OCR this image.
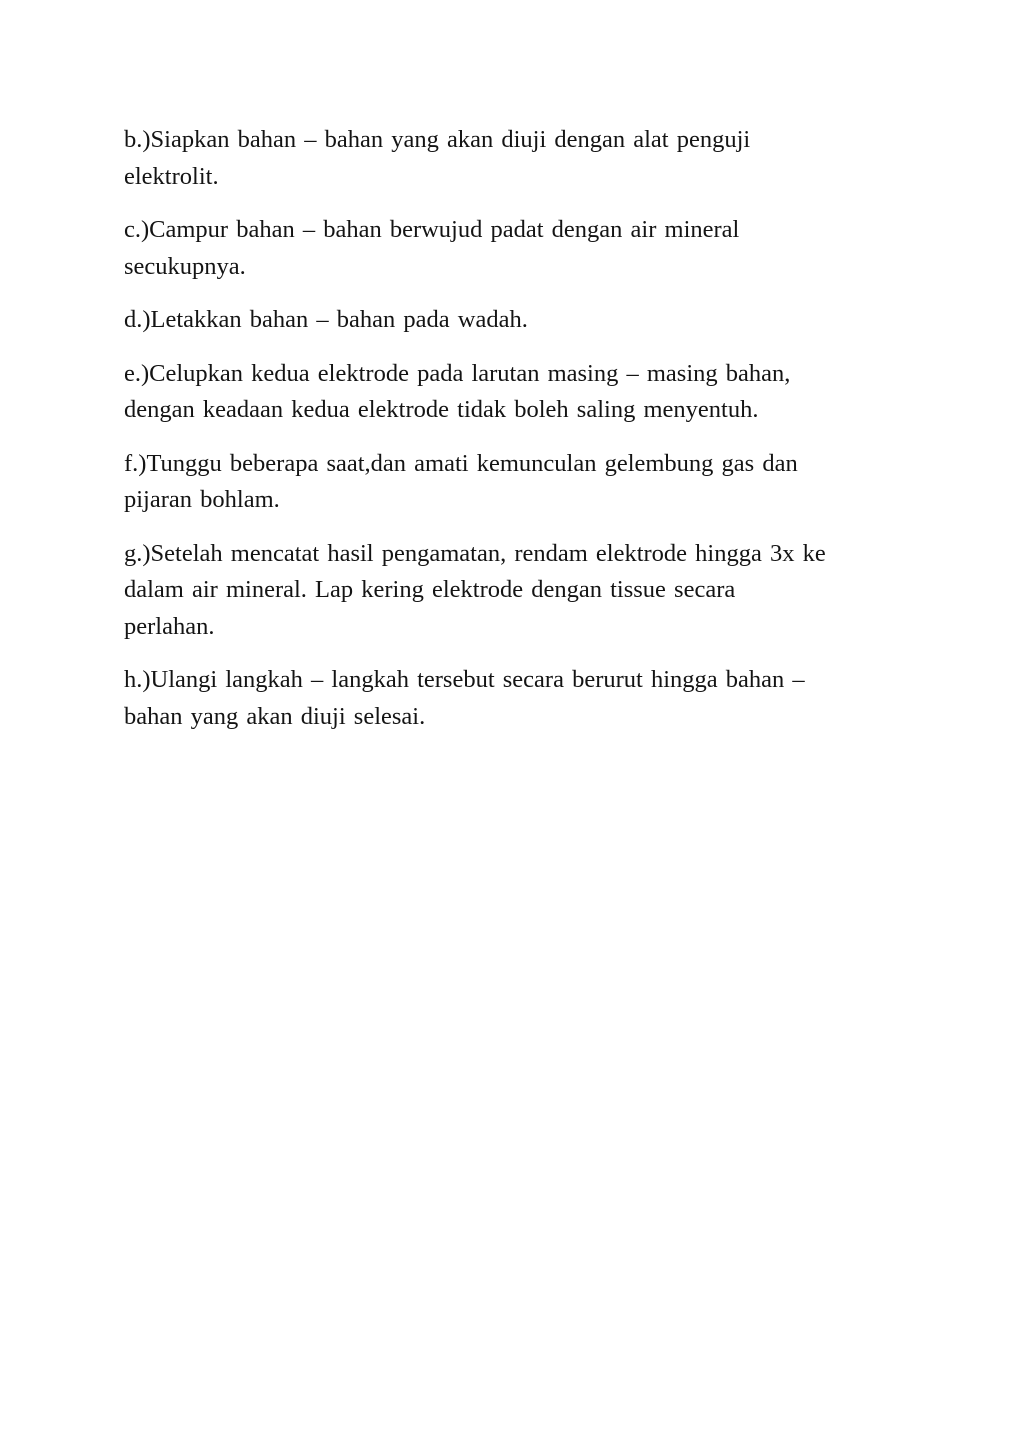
b.)Siapkan bahan – bahan yang akan diuji dengan alat penguji
elektrolit.

c.)Campur bahan – bahan berwujud padat dengan air mineral
secukupnya.

d.)Letakkan bahan – bahan pada wadah.

e.)Celupkan kedua elektrode pada larutan masing – masing bahan,
dengan keadaan kedua elektrode tidak boleh saling menyentuh.

f.)Tunggu beberapa saat,dan amati kemunculan gelembung gas dan
pijaran bohlam.

g.)Setelah mencatat hasil pengamatan, rendam elektrode hingga 3x ke
dalam air mineral. Lap kering elektrode dengan tissue secara
perlahan.

h.)Ulangi langkah – langkah tersebut secara berurut hingga bahan –
bahan yang akan diuji selesai.
